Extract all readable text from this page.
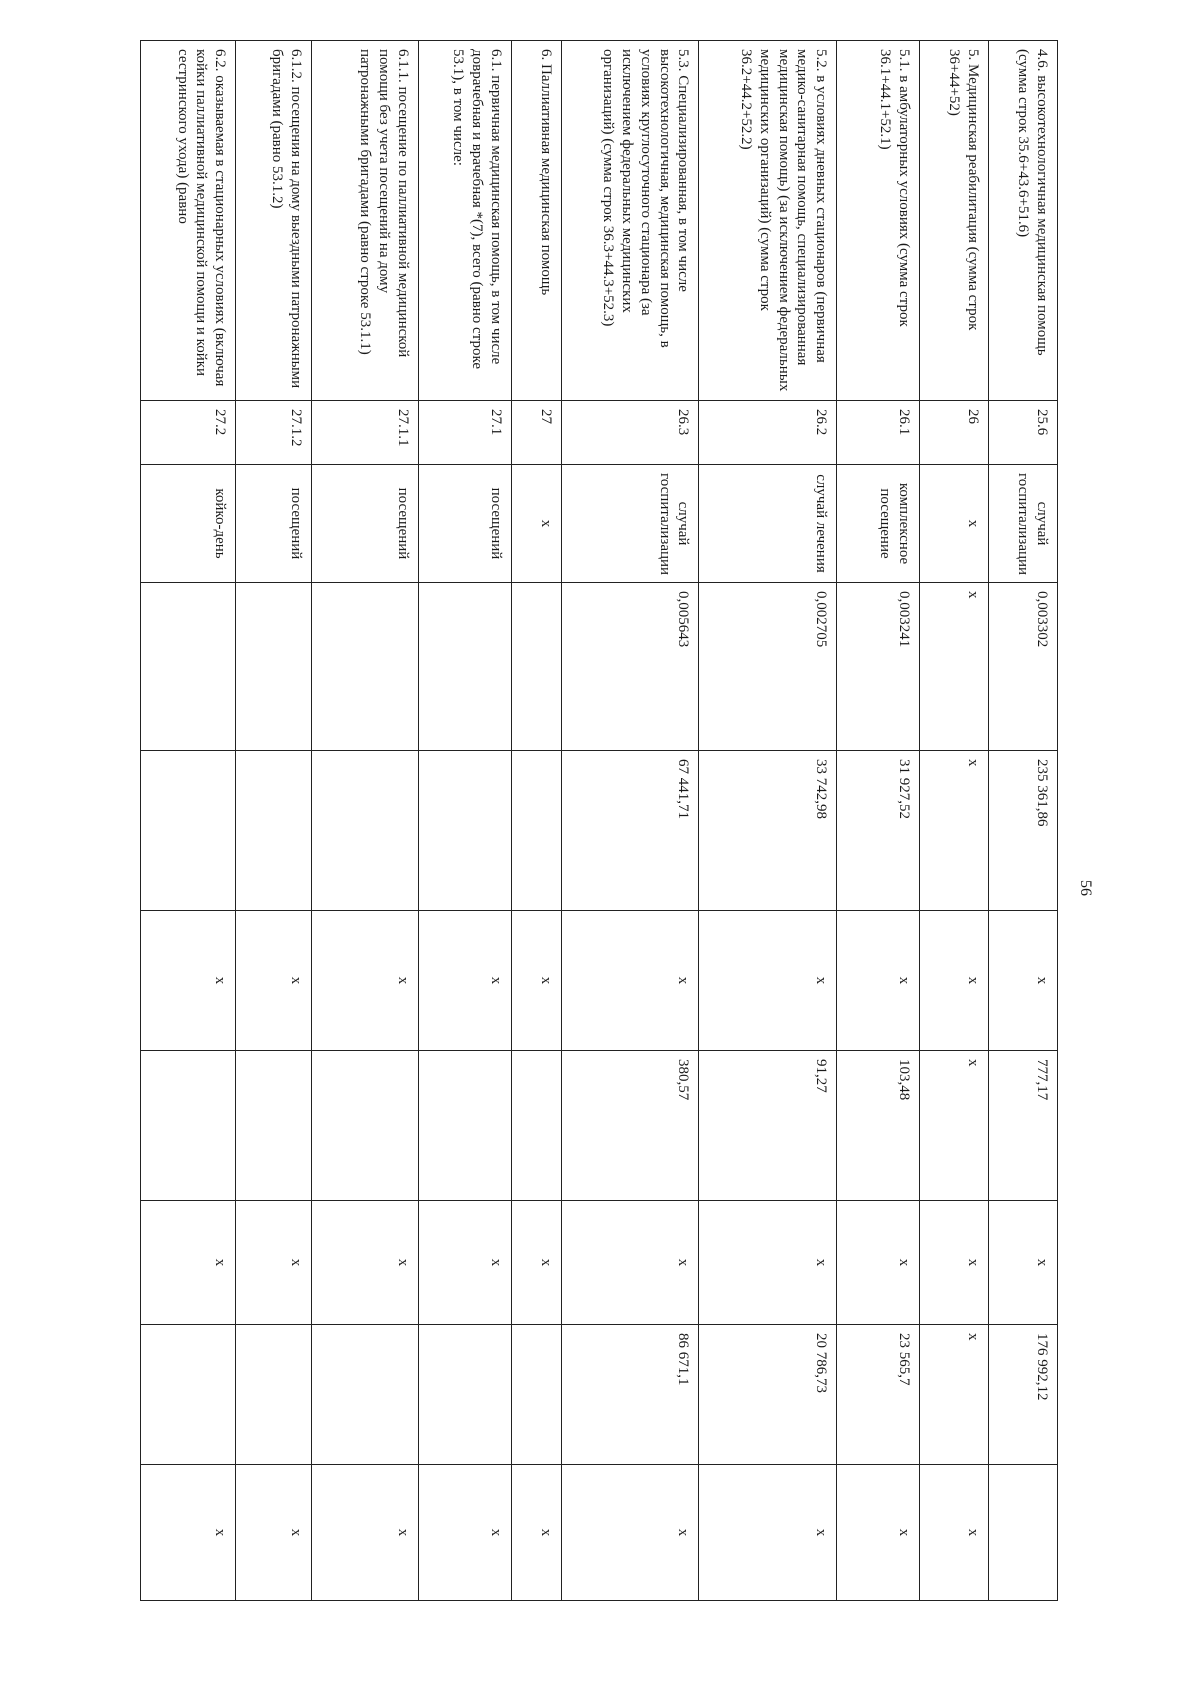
4.6. высокотехнологичная медицинская помощь (сумма строк 35.6+43.6+51.6)	25.6	случай госпитализации	0,003302	235 361,86	х	777,17	х	176 992,12	
5. Медицинская реабилитация (сумма строк 36+44+52)	26	х	х	х	х	х	х	х	х
5.1. в амбулаторных условиях (сумма строк 36.1+44.1+52.1)	26.1	комплексное посещение	0,003241	31 927,52	х	103,48	х	23 565,7	х
5.2. в условиях дневных стационаров (первичная медико-санитарная помощь, специализированная медицинская помощь) (за исключением федеральных медицинских организаций) (сумма строк 36.2+44.2+52.2)	26.2	случай лечения	0,002705	33 742,98	х	91,27	х	20 786,73	х
5.3. Специализированная, в том числе высокотехнологичная, медицинская помощь, в условиях круглосуточного стационара (за исключением федеральных медицинских организаций) (сумма строк 36.3+44.3+52.3)	26.3	случай госпитализации	0,005643	67 441,71	х	380,57	х	86 671,1	х
6. Паллиативная медицинская помощь	27	х			х		х		х
6.1. первичная медицинская помощь, в том числе доврачебная и врачебная *(7), всего (равно строке 53.1), в том числе:	27.1	посещений			х		х		х
6.1.1. посещение по паллиативной медицинской помощи без учета посещений на дому патронажными бригадами (равно строке 53.1.1)	27.1.1	посещений			х		х		х
6.1.2. посещения на дому выездными патронажными бригадами (равно 53.1.2)	27.1.2	посещений			х		х		х
6.2. оказываемая в стационарных условиях (включая койки паллиативной медицинской помощи и койки сестринского ухода) (равно	27.2	койко-день			х		х		х
56
